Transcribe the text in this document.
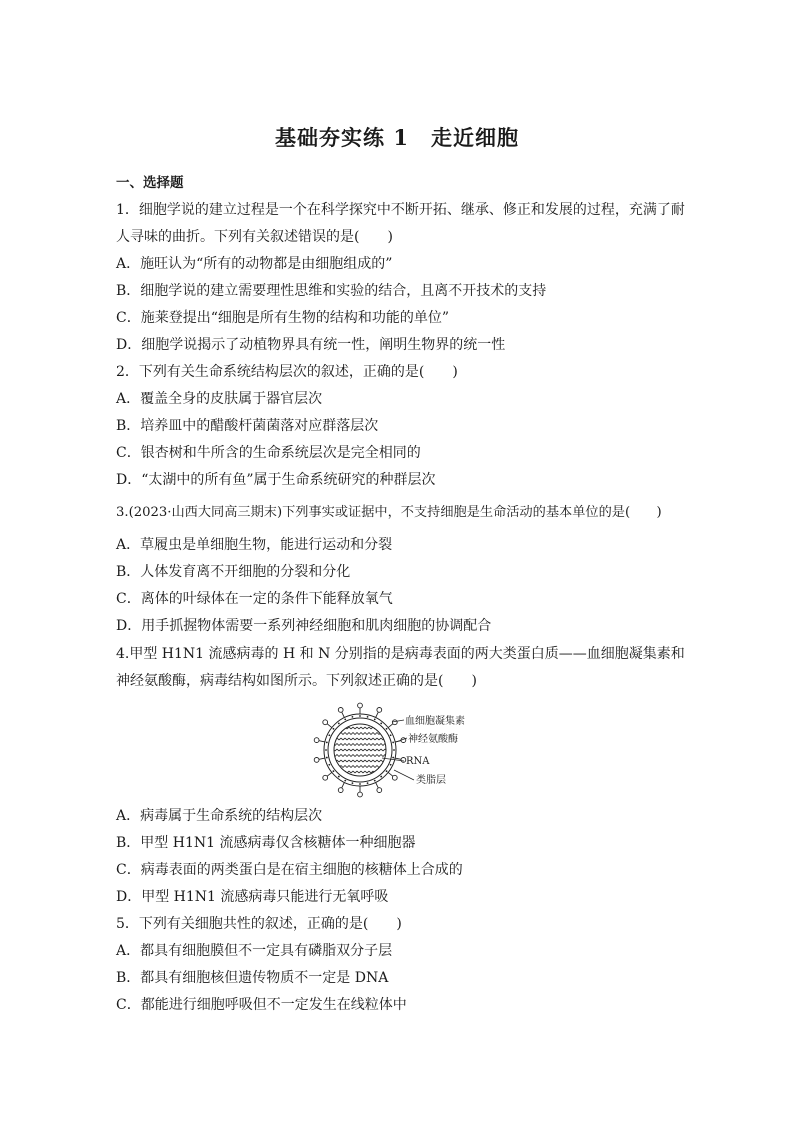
基础夯实练 1　走近细胞
一、选择题
1．细胞学说的建立过程是一个在科学探究中不断开拓、继承、修正和发展的过程，充满了耐
人寻味的曲折。下列有关叙述错误的是(　　)
A．施旺认为“所有的动物都是由细胞组成的”
B．细胞学说的建立需要理性思维和实验的结合，且离不开技术的支持
C．施莱登提出“细胞是所有生物的结构和功能的单位”
D．细胞学说揭示了动植物界具有统一性，阐明生物界的统一性
2．下列有关生命系统结构层次的叙述，正确的是(　　)
A．覆盖全身的皮肤属于器官层次
B．培养皿中的醋酸杆菌菌落对应群落层次
C．银杏树和牛所含的生命系统层次是完全相同的
D．“太湖中的所有鱼”属于生命系统研究的种群层次
3.(2023·山西大同高三期末)下列事实或证据中，不支持细胞是生命活动的基本单位的是(　　)
A．草履虫是单细胞生物，能进行运动和分裂
B．人体发育离不开细胞的分裂和分化
C．离体的叶绿体在一定的条件下能释放氧气
D．用手抓握物体需要一系列神经细胞和肌肉细胞的协调配合
4.甲型 H1N1 流感病毒的 H 和 N 分别指的是病毒表面的两大类蛋白质——血细胞凝集素和
神经氨酸酶，病毒结构如图所示。下列叙述正确的是(　　)
血细胞凝集素
神经氨酸酶
RNA
类脂层
A．病毒属于生命系统的结构层次
B．甲型 H1N1 流感病毒仅含核糖体一种细胞器
C．病毒表面的两类蛋白是在宿主细胞的核糖体上合成的
D．甲型 H1N1 流感病毒只能进行无氧呼吸
5．下列有关细胞共性的叙述，正确的是(　　)
A．都具有细胞膜但不一定具有磷脂双分子层
B．都具有细胞核但遗传物质不一定是 DNA
C．都能进行细胞呼吸但不一定发生在线粒体中
